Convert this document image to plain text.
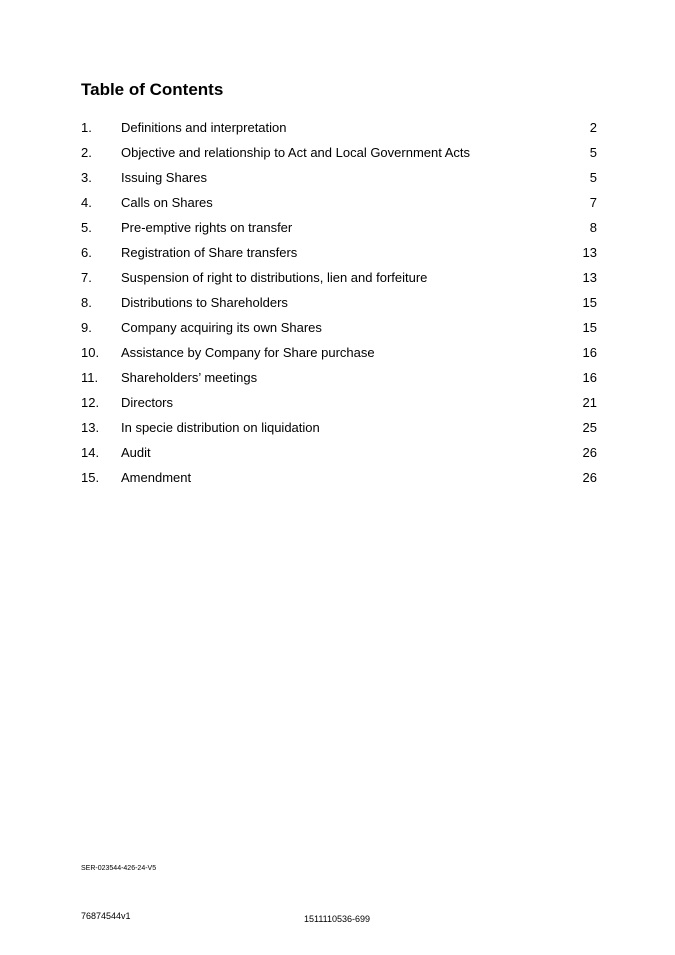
Table of Contents
1. Definitions and interpretation	2
2. Objective and relationship to Act and Local Government Acts	5
3. Issuing Shares	5
4. Calls on Shares	7
5. Pre-emptive rights on transfer	8
6. Registration of Share transfers	13
7. Suspension of right to distributions, lien and forfeiture	13
8. Distributions to Shareholders	15
9. Company acquiring its own Shares	15
10. Assistance by Company for Share purchase	16
11. Shareholders’ meetings	16
12. Directors	21
13. In specie distribution on liquidation	25
14. Audit	26
15. Amendment	26
SER-023544-426-24-V5
76874544v1	1511110536-699
